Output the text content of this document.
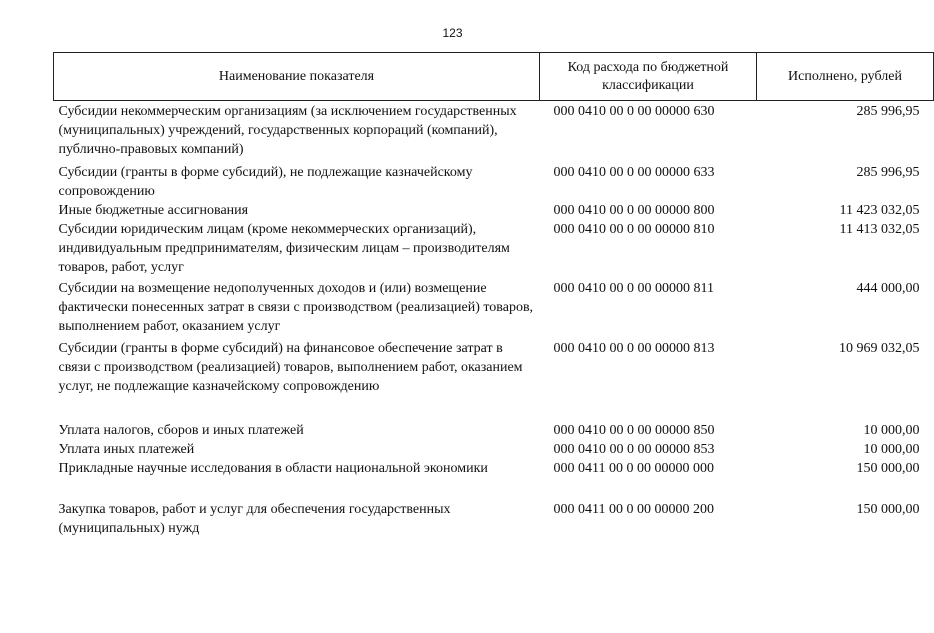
123
Наименование показателя	Код расхода по бюджетной классификации	Исполнено, рублей
Субсидии некоммерческим организациям (за исключением государственных (муниципальных) учреждений, государственных корпораций (компаний), публично-правовых компаний)	000 0410 00 0 00 00000 630	285 996,95
Субсидии (гранты в форме субсидий), не подлежащие казначейскому сопровождению	000 0410 00 0 00 00000 633	285 996,95
Иные бюджетные ассигнования	000 0410 00 0 00 00000 800	11 423 032,05
Субсидии юридическим лицам (кроме некоммерческих организаций), индивидуальным предпринимателям, физическим лицам – производителям товаров, работ, услуг	000 0410 00 0 00 00000 810	11 413 032,05
Субсидии на возмещение недополученных доходов и (или) возмещение фактически понесенных затрат в связи с производством (реализацией) товаров, выполнением работ, оказанием услуг	000 0410 00 0 00 00000 811	444 000,00
Субсидии (гранты в форме субсидий) на финансовое обеспечение затрат в связи с производством (реализацией) товаров, выполнением работ, оказанием услуг, не подлежащие казначейскому сопровождению	000 0410 00 0 00 00000 813	10 969 032,05
Уплата налогов, сборов и иных платежей	000 0410 00 0 00 00000 850	10 000,00
Уплата иных платежей	000 0410 00 0 00 00000 853	10 000,00
Прикладные научные исследования в области национальной экономики	000 0411 00 0 00 00000 000	150 000,00
Закупка товаров, работ и услуг для обеспечения государственных (муниципальных) нужд	000 0411 00 0 00 00000 200	150 000,00
